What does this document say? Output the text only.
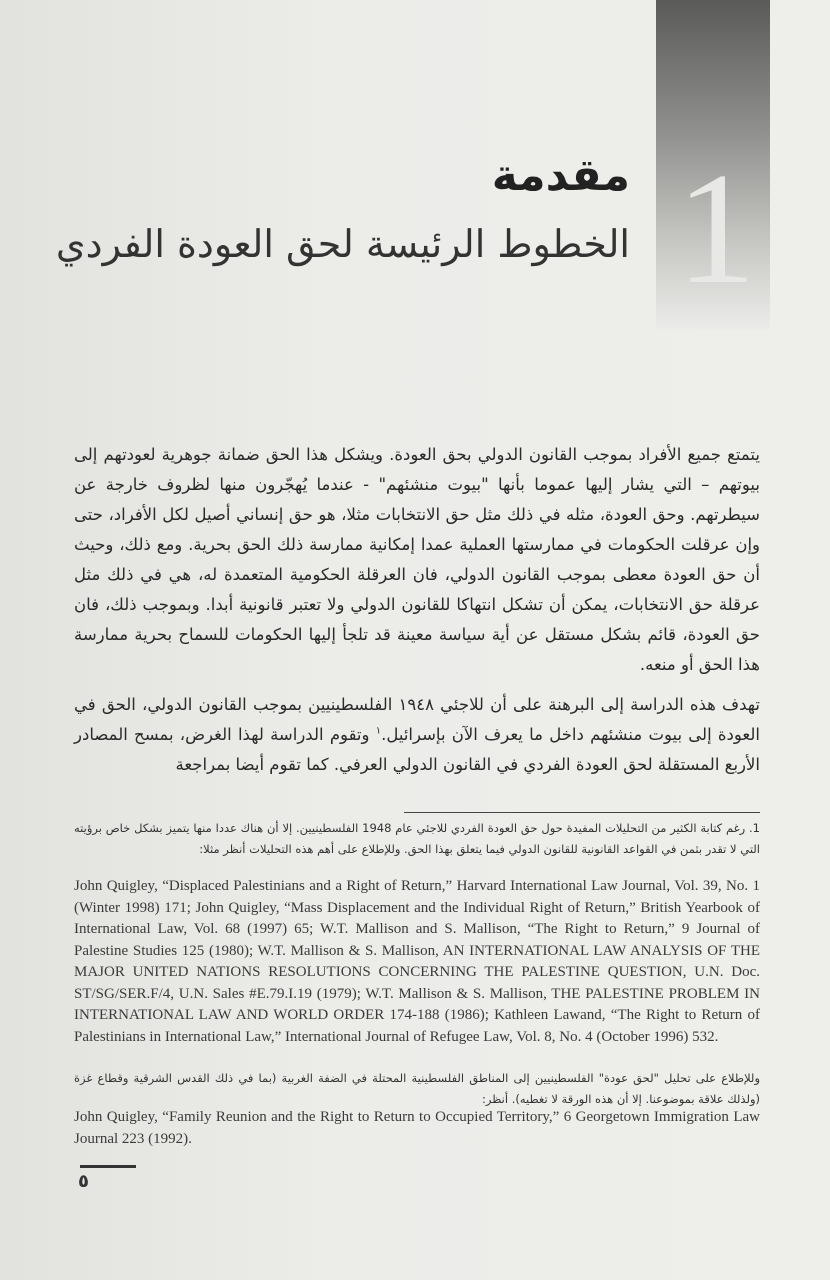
1
مقدمة
الخطوط الرئيسة لحق العودة الفردي

يتمتع جميع الأفراد بموجب القانون الدولي بحق العودة. ويشكل هذا الحق ضمانة جوهرية لعودتهم إلى بيوتهم – التي يشار إليها عموما بأنها "بيوت منشئهم" - عندما يُهجّرون منها لظروف خارجة عن سيطرتهم. وحق العودة، مثله في ذلك مثل حق الانتخابات مثلا، هو حق إنساني أصيل لكل الأفراد، حتى وإن عرقلت الحكومات في ممارستها العملية عمدا إمكانية ممارسة ذلك الحق بحرية. ومع ذلك، وحيث أن حق العودة معطى بموجب القانون الدولي، فان العرقلة الحكومية المتعمدة له، هي في ذلك مثل عرقلة حق الانتخابات، يمكن أن تشكل انتهاكا للقانون الدولي ولا تعتبر قانونية أبدا. وبموجب ذلك، فان حق العودة، قائم بشكل مستقل عن أية سياسة معينة قد تلجأ إليها الحكومات للسماح بحرية ممارسة هذا الحق أو منعه.

تهدف هذه الدراسة إلى البرهنة على أن للاجئي ١٩٤٨ الفلسطينيين بموجب القانون الدولي، الحق في العودة إلى بيوت منشئهم داخل ما يعرف الآن بإسرائيل.$^١$ وتقوم الدراسة لهذا الغرض، بمسح المصادر الأربع المستقلة لحق العودة الفردي في القانون الدولي العرفي. كما تقوم أيضا بمراجعة

1. رغم كتابة الكثير من التحليلات المفيدة حول حق العودة الفردي للاجئي عام 1948 الفلسطينيين. إلا أن هناك عددا منها يتميز بشكل خاص برؤيته التي لا تقدر بثمن في القواعد القانونية للقانون الدولي فيما يتعلق بهذا الحق. وللإطلاع على أهم هذه التحليلات أنظر مثلا:

John Quigley, “Displaced Palestinians and a Right of Return,” Harvard International Law Journal, Vol. 39, No. 1 (Winter 1998) 171; John Quigley, “Mass Displacement and the Individual Right of Return,” British Yearbook of International Law, Vol. 68 (1997) 65; W.T. Mallison and S. Mallison, “The Right to Return,” 9 Journal of Palestine Studies 125 (1980); W.T. Mallison & S. Mallison, AN INTERNATIONAL LAW ANALYSIS OF THE MAJOR UNITED NATIONS RESOLUTIONS CONCERNING THE PALESTINE QUESTION, U.N. Doc. ST/SG/SER.F/4, U.N. Sales #E.79.I.19 (1979); W.T. Mallison & S. Mallison, THE PALESTINE PROBLEM IN INTERNATIONAL LAW AND WORLD ORDER 174-188 (1986); Kathleen Lawand, “The Right to Return of Palestinians in International Law,” International Journal of Refugee Law, Vol. 8, No. 4 (October 1996) 532.

وللإطلاع على تحليل "لحق عودة" الفلسطينيين إلى المناطق الفلسطينية المحتلة في الضفة الغربية (بما في ذلك القدس الشرقية وقطاع غزة (ولذلك علاقة بموضوعنا. إلا أن هذه الورقة لا تغطيه). أنظر:

John Quigley, “Family Reunion and the Right to Return to Occupied Territory,” 6 Georgetown Immigration Law Journal 223 (1992).

٥
